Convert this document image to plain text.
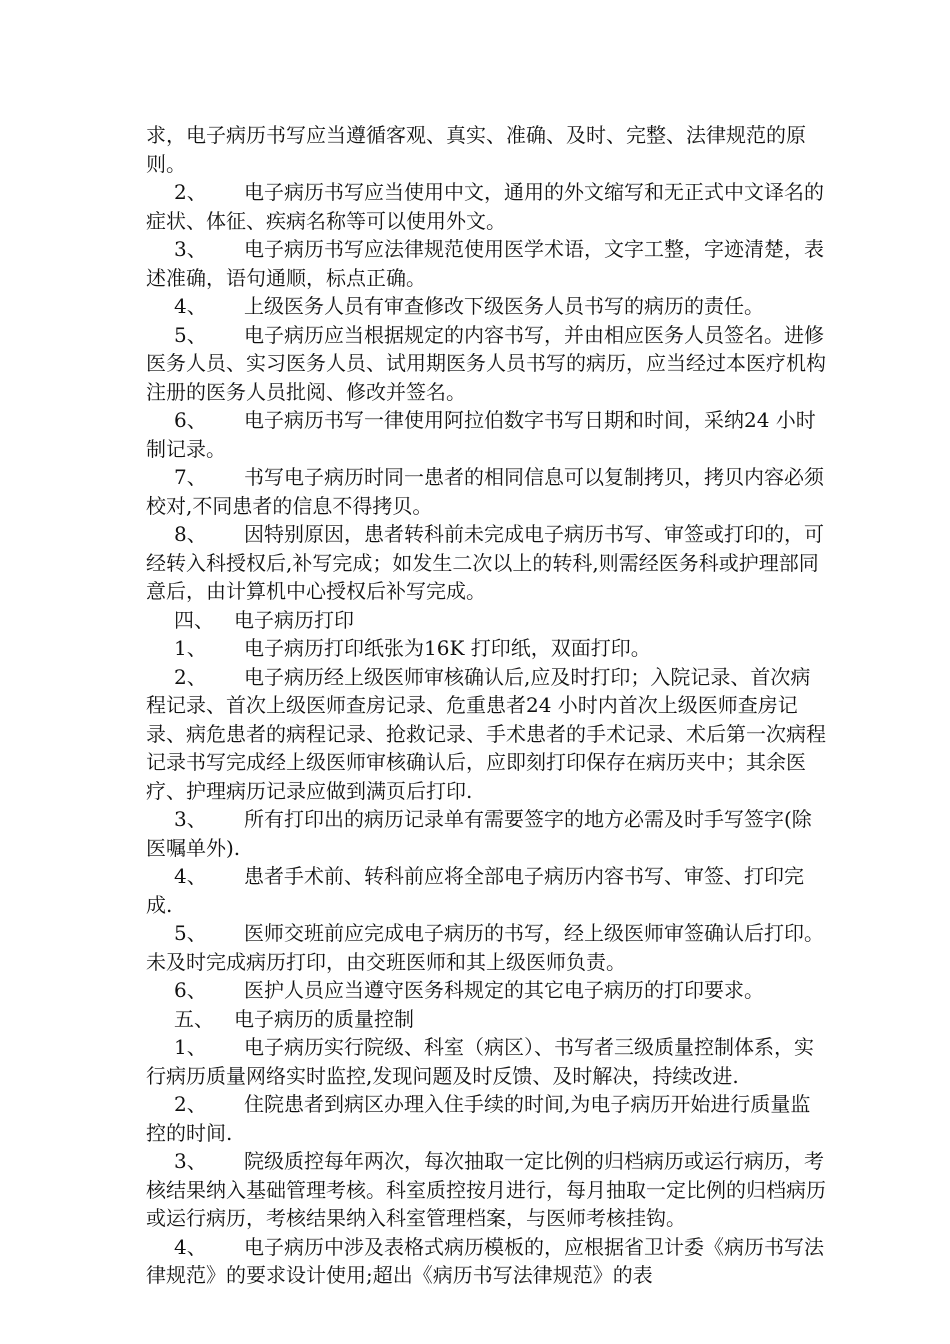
求，电子病历书写应当遵循客观、真实、准确、及时、完整、法律规范的原则。

2、 电子病历书写应当使用中文，通用的外文缩写和无正式中文译名的症状、体征、疾病名称等可以使用外文。

3、 电子病历书写应法律规范使用医学术语，文字工整，字迹清楚，表述准确，语句通顺，标点正确。

4、 上级医务人员有审查修改下级医务人员书写的病历的责任。

5、 电子病历应当根据规定的内容书写，并由相应医务人员签名。进修医务人员、实习医务人员、试用期医务人员书写的病历，应当经过本医疗机构注册的医务人员批阅、修改并签名。

6、 电子病历书写一律使用阿拉伯数字书写日期和时间，采纳24 小时制记录。

7、 书写电子病历时同一患者的相同信息可以复制拷贝，拷贝内容必须校对,不同患者的信息不得拷贝。

8、 因特别原因，患者转科前未完成电子病历书写、审签或打印的，可经转入科授权后,补写完成；如发生二次以上的转科,则需经医务科或护理部同意后，由计算机中心授权后补写完成。

四、 电子病历打印

1、 电子病历打印纸张为16K 打印纸，双面打印。

2、 电子病历经上级医师审核确认后,应及时打印；入院记录、首次病程记录、首次上级医师查房记录、危重患者24 小时内首次上级医师查房记录、病危患者的病程记录、抢救记录、手术患者的手术记录、术后第一次病程记录书写完成经上级医师审核确认后，应即刻打印保存在病历夹中；其余医疗、护理病历记录应做到满页后打印.

3、 所有打印出的病历记录单有需要签字的地方必需及时手写签字(除医嘱单外).

4、 患者手术前、转科前应将全部电子病历内容书写、审签、打印完成.

5、 医师交班前应完成电子病历的书写，经上级医师审签确认后打印。未及时完成病历打印，由交班医师和其上级医师负责。

6、 医护人员应当遵守医务科规定的其它电子病历的打印要求。

五、 电子病历的质量控制

1、 电子病历实行院级、科室（病区）、书写者三级质量控制体系，实行病历质量网络实时监控,发现问题及时反馈、及时解决，持续改进.

2、 住院患者到病区办理入住手续的时间,为电子病历开始进行质量监控的时间.

3、 院级质控每年两次，每次抽取一定比例的归档病历或运行病历，考核结果纳入基础管理考核。科室质控按月进行，每月抽取一定比例的归档病历或运行病历，考核结果纳入科室管理档案，与医师考核挂钩。

4、 电子病历中涉及表格式病历模板的，应根据省卫计委《病历书写法律规范》的要求设计使用;超出《病历书写法律规范》的表
